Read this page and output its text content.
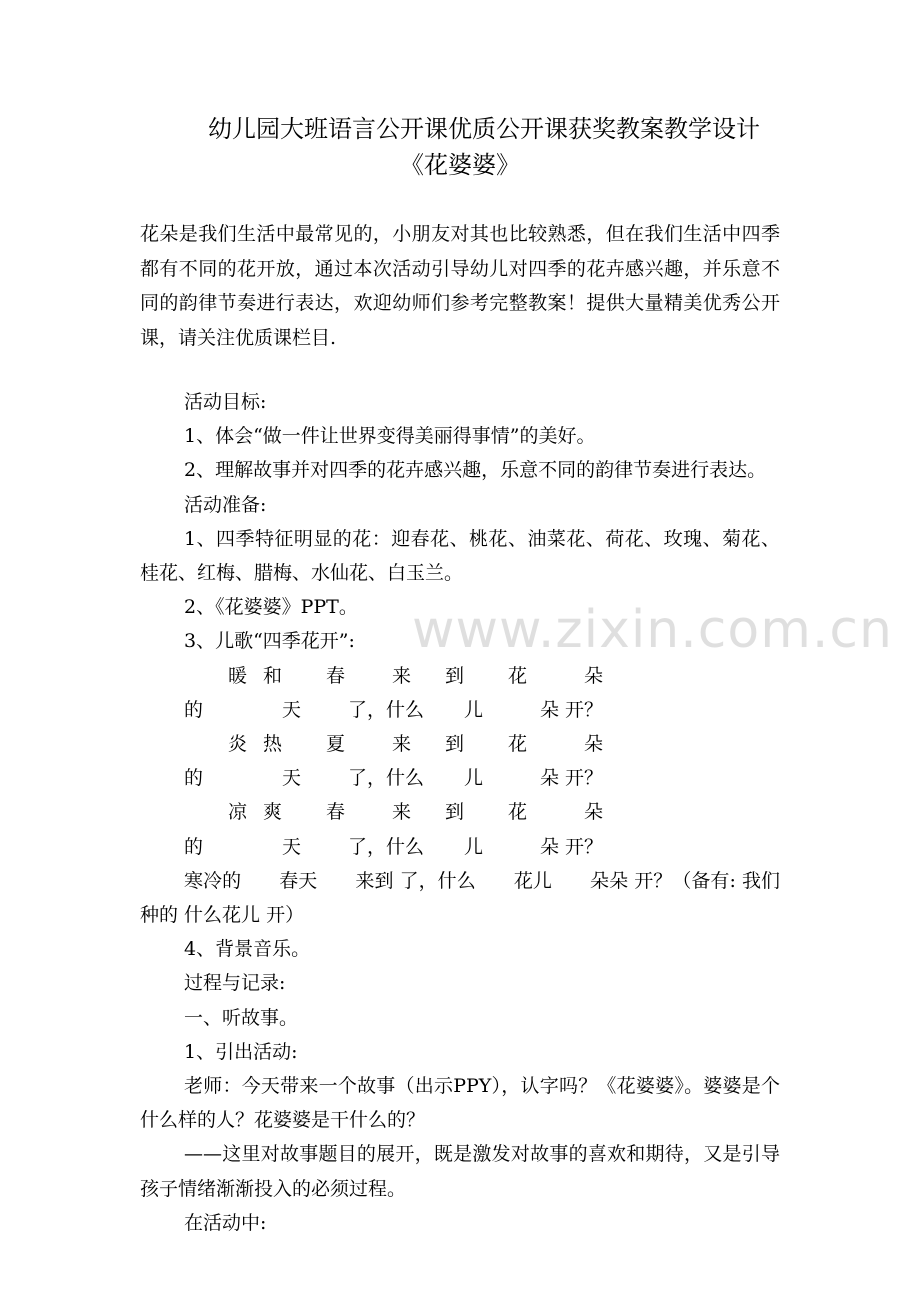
幼儿园大班语言公开课优质公开课获奖教案教学设计
《花婆婆》
花朵是我们生活中最常见的，小朋友对其也比较熟悉，但在我们生活中四季都有不同的花开放，通过本次活动引导幼儿对四季的花卉感兴趣，并乐意不同的韵律节奏进行表达，欢迎幼师们参考完整教案！提供大量精美优秀公开课，请关注优质课栏目.

活动目标:

1、体会“做一件让世界变得美丽得事情”的美好。

2、理解故事并对四季的花卉感兴趣，乐意不同的韵律节奏进行表达。

活动准备:

1、四季特征明显的花：迎春花、桃花、油菜花、荷花、玫瑰、菊花、桂花、红梅、腊梅、水仙花、白玉兰。

2、《花婆婆》PPT。

3、儿歌“四季花开”:

暖和的春天来到 了，什么花儿朵朵 开？

炎热的夏天来到 了，什么花儿朵朵 开？

凉爽的春天来到 了，什么花儿朵朵 开？

寒冷的　　春天　　来到 了，什么　　花儿　　朵朵 开？（备有: 我们 种的 什么花儿 开）

4、背景音乐。

过程与记录:

一、听故事。

1、引出活动:

老师：今天带来一个故事（出示PPY），认字吗？《花婆婆》。婆婆是个什么样的人？花婆婆是干什么的？

——这里对故事题目的展开，既是激发对故事的喜欢和期待，又是引导孩子情绪渐渐投入的必须过程。

在活动中:

www.zixin.com.cn
